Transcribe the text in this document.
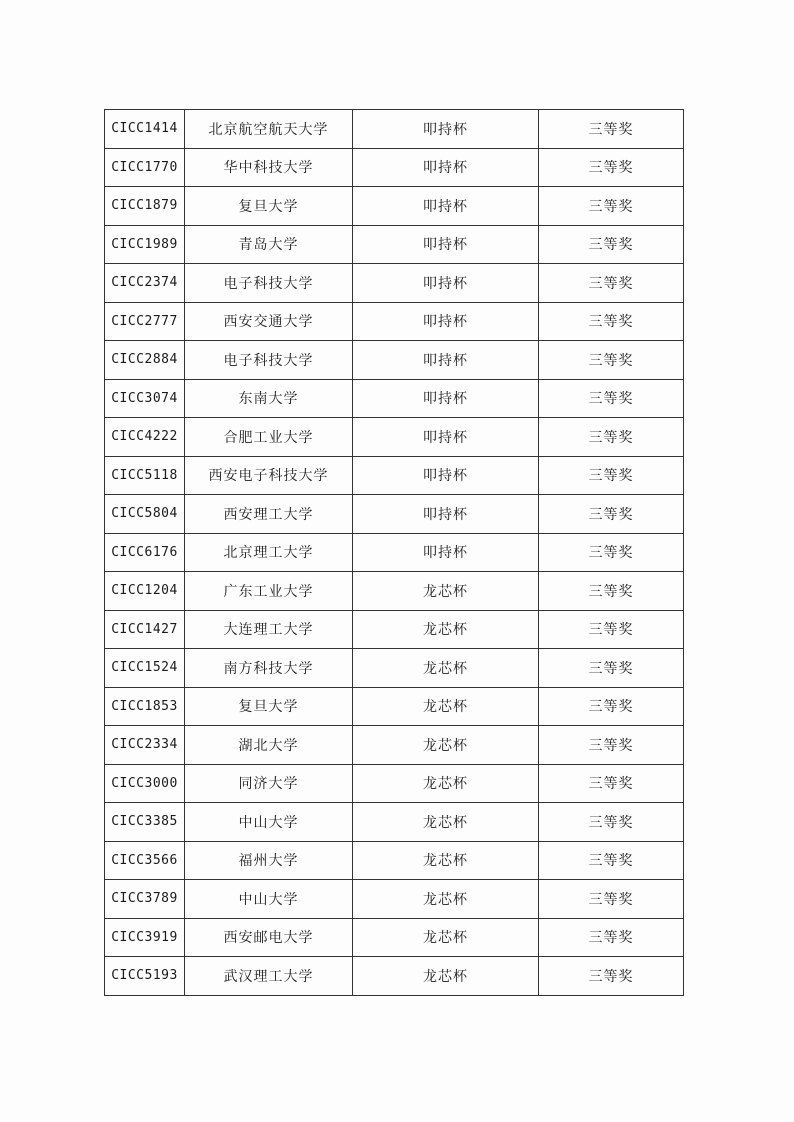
CICC1414	北京航空航天大学	叩持杯	三等奖
CICC1770	华中科技大学	叩持杯	三等奖
CICC1879	复旦大学	叩持杯	三等奖
CICC1989	青岛大学	叩持杯	三等奖
CICC2374	电子科技大学	叩持杯	三等奖
CICC2777	西安交通大学	叩持杯	三等奖
CICC2884	电子科技大学	叩持杯	三等奖
CICC3074	东南大学	叩持杯	三等奖
CICC4222	合肥工业大学	叩持杯	三等奖
CICC5118	西安电子科技大学	叩持杯	三等奖
CICC5804	西安理工大学	叩持杯	三等奖
CICC6176	北京理工大学	叩持杯	三等奖
CICC1204	广东工业大学	龙芯杯	三等奖
CICC1427	大连理工大学	龙芯杯	三等奖
CICC1524	南方科技大学	龙芯杯	三等奖
CICC1853	复旦大学	龙芯杯	三等奖
CICC2334	湖北大学	龙芯杯	三等奖
CICC3000	同济大学	龙芯杯	三等奖
CICC3385	中山大学	龙芯杯	三等奖
CICC3566	福州大学	龙芯杯	三等奖
CICC3789	中山大学	龙芯杯	三等奖
CICC3919	西安邮电大学	龙芯杯	三等奖
CICC5193	武汉理工大学	龙芯杯	三等奖
